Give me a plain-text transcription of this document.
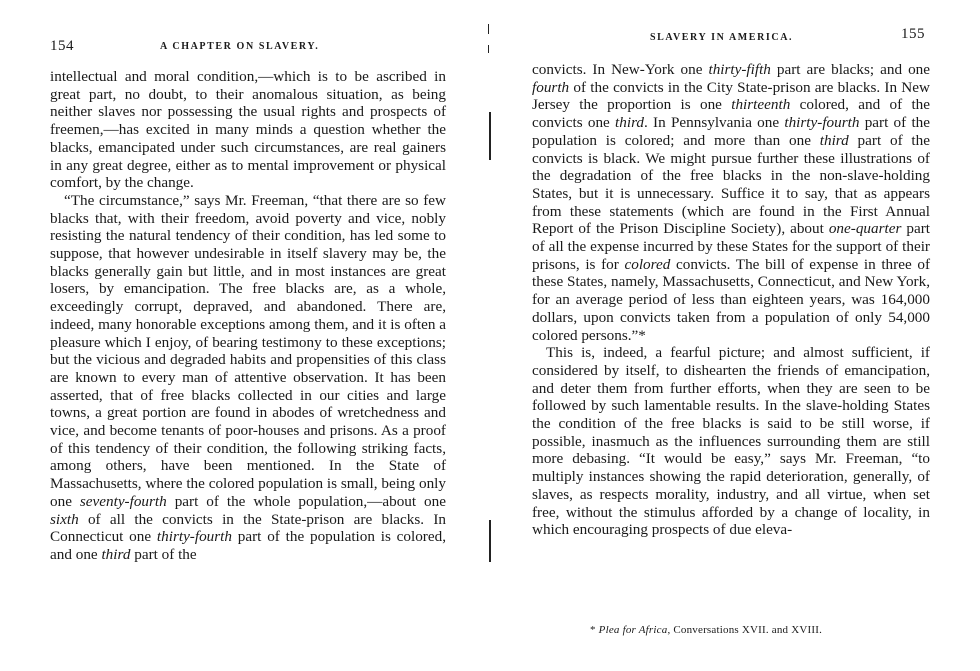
154	A CHAPTER ON SLAVERY.

intellectual and moral condition,—which is to be ascribed in great part, no doubt, to their anomalous situation, as being neither slaves nor possessing the usual rights and prospects of freemen,—has excited in many minds a question whether the blacks, emancipated under such circumstances, are real gainers in any great degree, either as to mental improvement or physical comfort, by the change.

“The circumstance,” says Mr. Freeman, “that there are so few blacks that, with their freedom, avoid poverty and vice, nobly resisting the natural tendency of their condition, has led some to suppose, that however undesirable in itself slavery may be, the blacks generally gain but little, and in most instances are great losers, by emancipation. The free blacks are, as a whole, exceedingly corrupt, depraved, and abandoned. There are, indeed, many honorable exceptions among them, and it is often a pleasure which I enjoy, of bearing testimony to these exceptions; but the vicious and degraded habits and propensities of this class are known to every man of attentive observation. It has been asserted, that of free blacks collected in our cities and large towns, a great portion are found in abodes of wretchedness and vice, and become tenants of poor-houses and prisons. As a proof of this tendency of their condition, the following striking facts, among others, have been mentioned. In the State of Massachusetts, where the colored population is small, being only one seventy-fourth part of the whole population,—about one sixth of all the convicts in the State-prison are blacks. In Connecticut one thirty-fourth part of the population is colored, and one third part of the

SLAVERY IN AMERICA.	155

convicts. In New-York one thirty-fifth part are blacks; and one fourth of the convicts in the City State-prison are blacks. In New Jersey the proportion is one thirteenth colored, and of the convicts one third. In Pennsylvania one thirty-fourth part of the population is colored; and more than one third part of the convicts is black. We might pursue further these illustrations of the degradation of the free blacks in the non-slave-holding States, but it is unnecessary. Suffice it to say, that as appears from these statements (which are found in the First Annual Report of the Prison Discipline Society), about one-quarter part of all the expense incurred by these States for the support of their prisons, is for colored convicts. The bill of expense in three of these States, namely, Massachusetts, Connecticut, and New York, for an average period of less than eighteen years, was 164,000 dollars, upon convicts taken from a population of only 54,000 colored persons.”*

This is, indeed, a fearful picture; and almost sufficient, if considered by itself, to dishearten the friends of emancipation, and deter them from further efforts, when they are seen to be followed by such lamentable results. In the slave-holding States the condition of the free blacks is said to be still worse, if possible, inasmuch as the influences surrounding them are still more debasing. “It would be easy,” says Mr. Freeman, “to multiply instances showing the rapid deterioration, generally, of slaves, as respects morality, industry, and all virtue, when set free, without the stimulus afforded by a change of locality, in which encouraging prospects of due eleva-

* Plea for Africa, Conversations XVII. and XVIII.
